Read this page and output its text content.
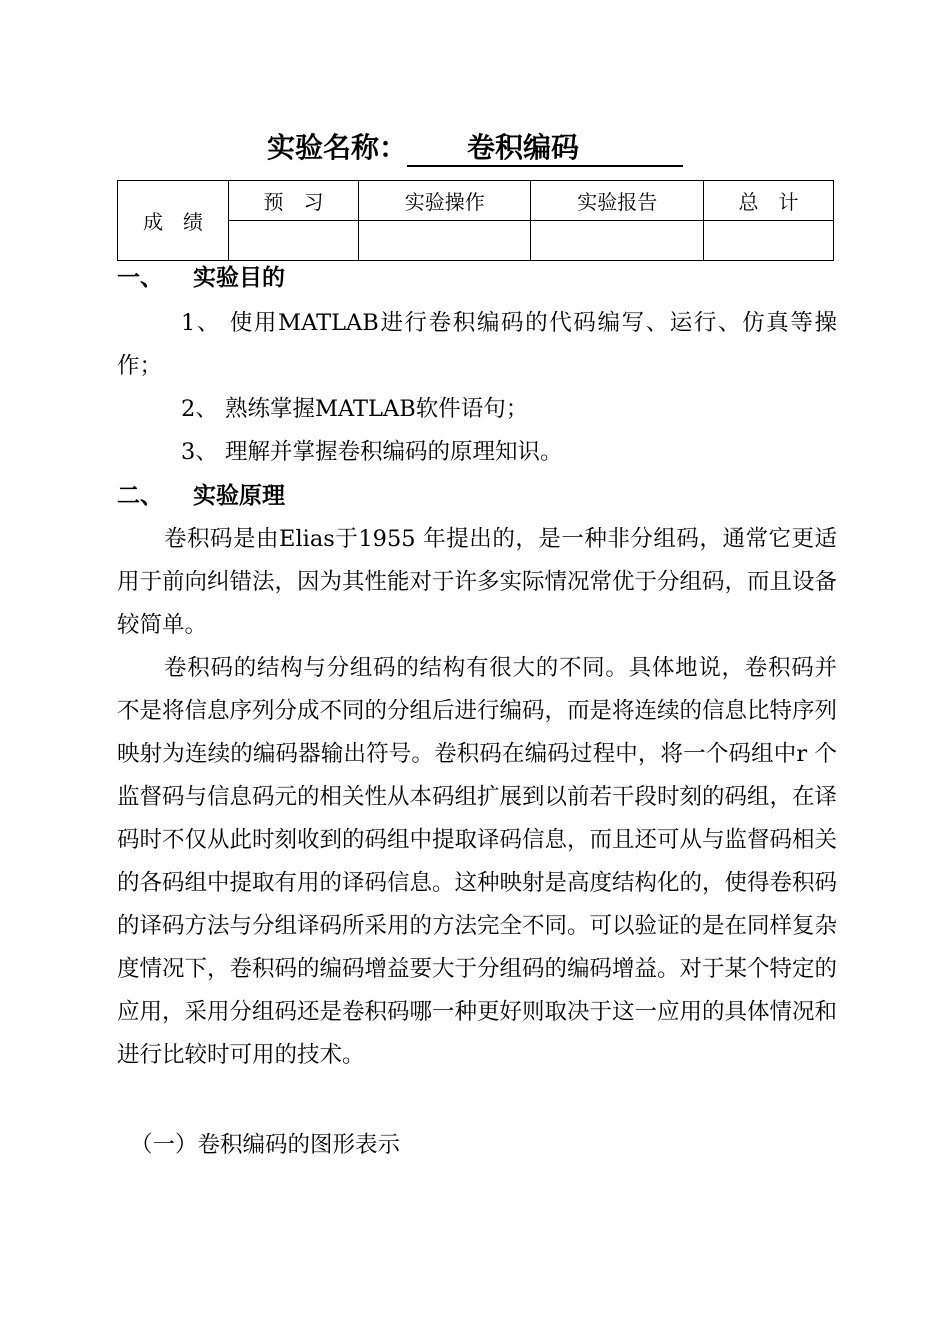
实验名称： 卷积编码
成　绩	预　习	实验操作	实验报告	总　计

一、 实验目的
1、 使用MATLAB进行卷积编码的代码编写、运行、仿真等操作；
2、 熟练掌握MATLAB软件语句；
3、 理解并掌握卷积编码的原理知识。
二、 实验原理
卷积码是由Elias于1955 年提出的，是一种非分组码，通常它更适用于前向纠错法，因为其性能对于许多实际情况常优于分组码，而且设备较简单。
卷积码的结构与分组码的结构有很大的不同。具体地说，卷积码并不是将信息序列分成不同的分组后进行编码，而是将连续的信息比特序列映射为连续的编码器输出符号。卷积码在编码过程中，将一个码组中r 个监督码与信息码元的相关性从本码组扩展到以前若干段时刻的码组，在译码时不仅从此时刻收到的码组中提取译码信息，而且还可从与监督码相关的各码组中提取有用的译码信息。这种映射是高度结构化的，使得卷积码的译码方法与分组译码所采用的方法完全不同。可以验证的是在同样复杂度情况下，卷积码的编码增益要大于分组码的编码增益。对于某个特定的应用，采用分组码还是卷积码哪一种更好则取决于这一应用的具体情况和进行比较时可用的技术。
（一）卷积编码的图形表示
